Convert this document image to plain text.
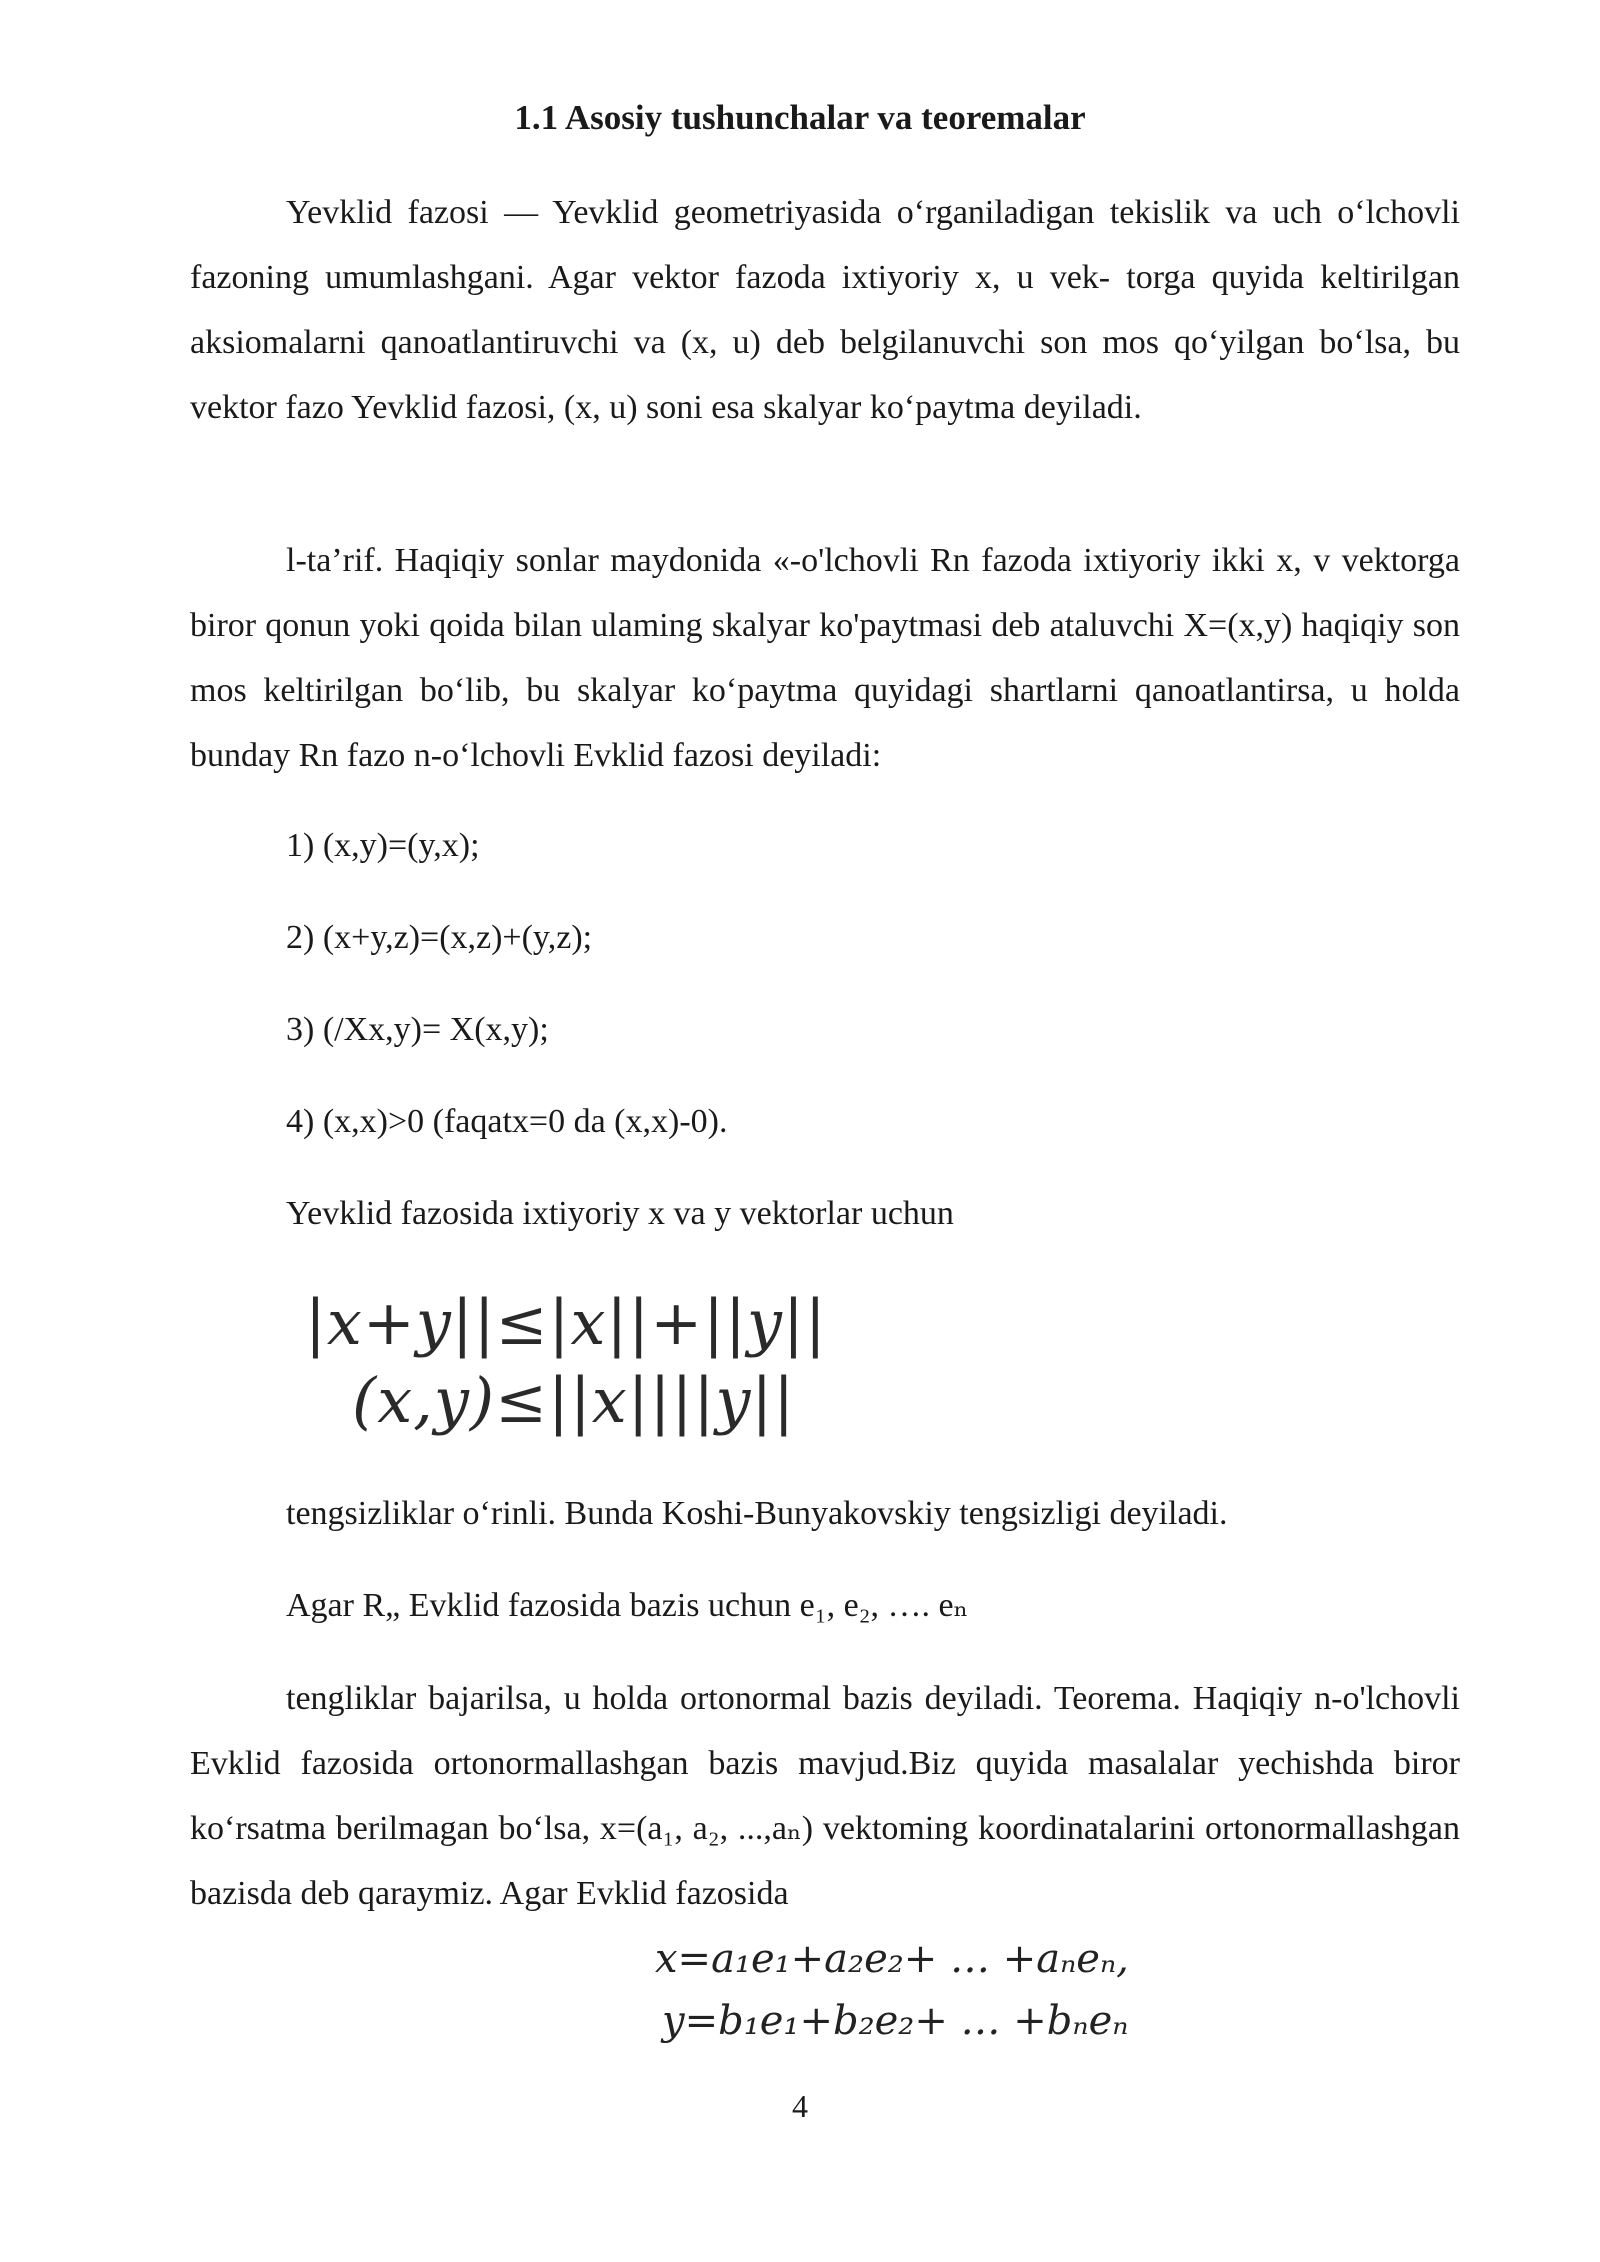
1.1 Asosiy tushunchalar va teoremalar

Yevklid fazosi — Yevklid geometriyasida o‘rganiladigan tekislik va uch o‘lchovli fazoning umumlashgani. Agar vektor fazoda ixtiyoriy x, u vek- torga quyida keltirilgan aksiomalarni qanoatlantiruvchi va (x, u) deb belgilanuvchi son mos qo‘yilgan bo‘lsa, bu vektor fazo Yevklid fazosi, (x, u) soni esa skalyar ko‘paytma deyiladi.

l-ta’rif. Haqiqiy sonlar maydonida «-o'lchovli Rn fazoda ixtiyoriy ikki x, v vektorga biror qonun yoki qoida bilan ulaming skalyar ko'paytmasi deb ataluvchi X=(x,y) haqiqiy son mos keltirilgan bo‘lib, bu skalyar ko‘paytma quyidagi shartlarni qanoatlantirsa, u holda bunday Rn fazo n-o‘lchovli Evklid fazosi deyiladi:

1) (x,y)=(y,x);
2) (x+y,z)=(x,z)+(y,z);
3) (/Xx,y)= X(x,y);
4) (x,x)>0 (faqatx=0 da (x,x)-0).
Yevklid fazosida ixtiyoriy x va y vektorlar uchun
|x+y||≤|x||+||y||
(x,y)≤||x||||y||
tengsizliklar o‘rinli. Bunda Koshi-Bunyakovskiy tengsizligi deyiladi.
Agar R„ Evklid fazosida bazis uchun e₁, e₂, …. eₙ

tengliklar bajarilsa, u holda ortonormal bazis deyiladi. Teorema. Haqiqiy n-o'lchovli Evklid fazosida ortonormallashgan bazis mavjud.Biz quyida masalalar yechishda biror ko‘rsatma berilmagan bo‘lsa, x=(a₁, a₂, ...,aₙ) vektoming koordinatalarini ortonormallashgan bazisda deb qaraymiz. Agar Evklid fazosida

x=a₁e₁+a₂e₂+ … +aₙeₙ,
y=b₁e₁+b₂e₂+ … +bₙeₙ
4
